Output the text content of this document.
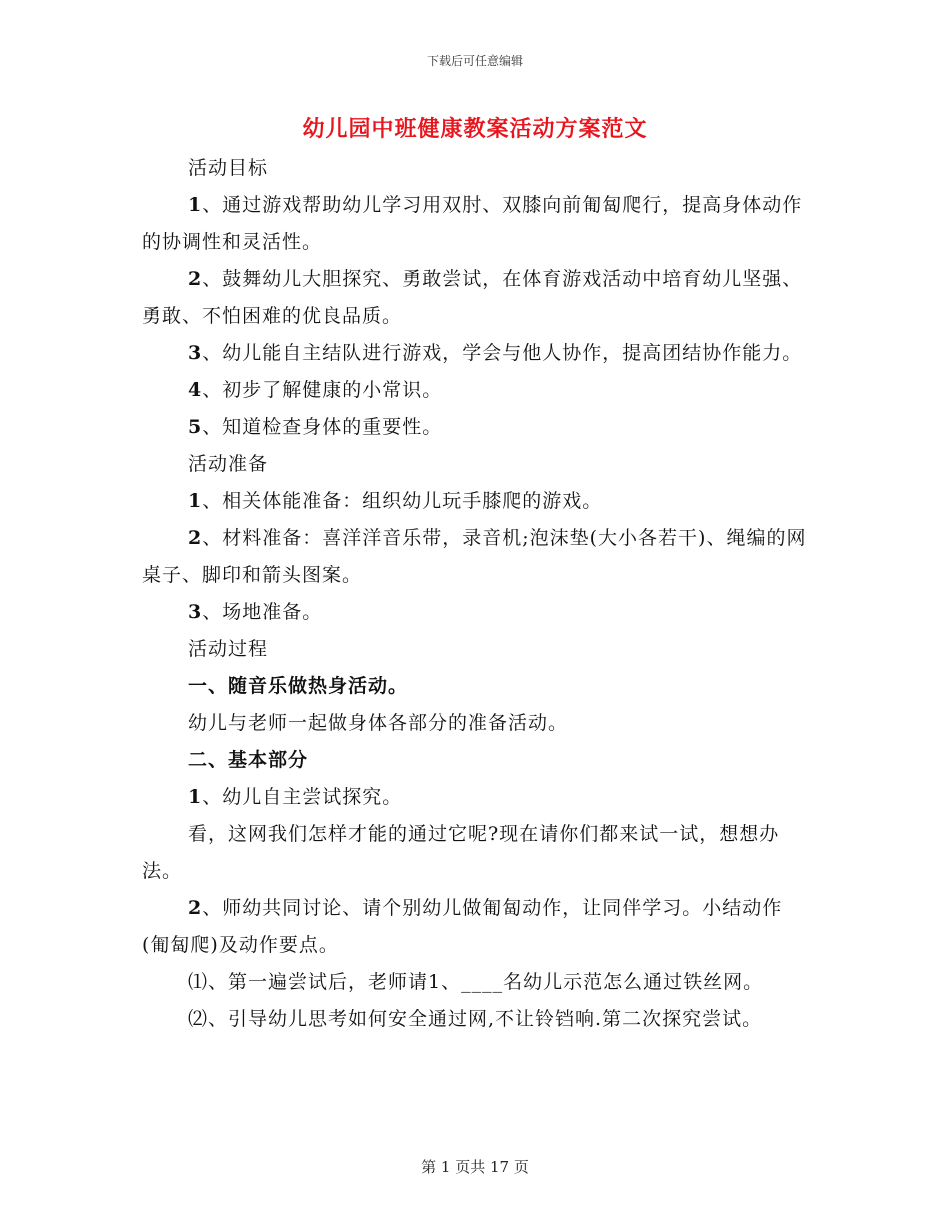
下载后可任意编辑
幼儿园中班健康教案活动方案范文

活动目标

1、通过游戏帮助幼儿学习用双肘、双膝向前匍匐爬行，提高身体动作的协调性和灵活性。

2、鼓舞幼儿大胆探究、勇敢尝试，在体育游戏活动中培育幼儿坚强、勇敢、不怕困难的优良品质。

3、幼儿能自主结队进行游戏，学会与他人协作，提高团结协作能力。

4、初步了解健康的小常识。

5、知道检查身体的重要性。

活动准备

1、相关体能准备：组织幼儿玩手膝爬的游戏。

2、材料准备：喜洋洋音乐带，录音机;泡沫垫(大小各若干)、绳编的网桌子、脚印和箭头图案。

3、场地准备。

活动过程

一、随音乐做热身活动。

幼儿与老师一起做身体各部分的准备活动。

二、基本部分

1、幼儿自主尝试探究。

看，这网我们怎样才能的通过它呢?现在请你们都来试一试，想想办法。

2、师幼共同讨论、请个别幼儿做匍匐动作，让同伴学习。小结动作(匍匐爬)及动作要点。

⑴、第一遍尝试后，老师请1、____名幼儿示范怎么通过铁丝网。

⑵、引导幼儿思考如何安全通过网,不让铃铛响.第二次探究尝试。

第 1 页共 17 页
